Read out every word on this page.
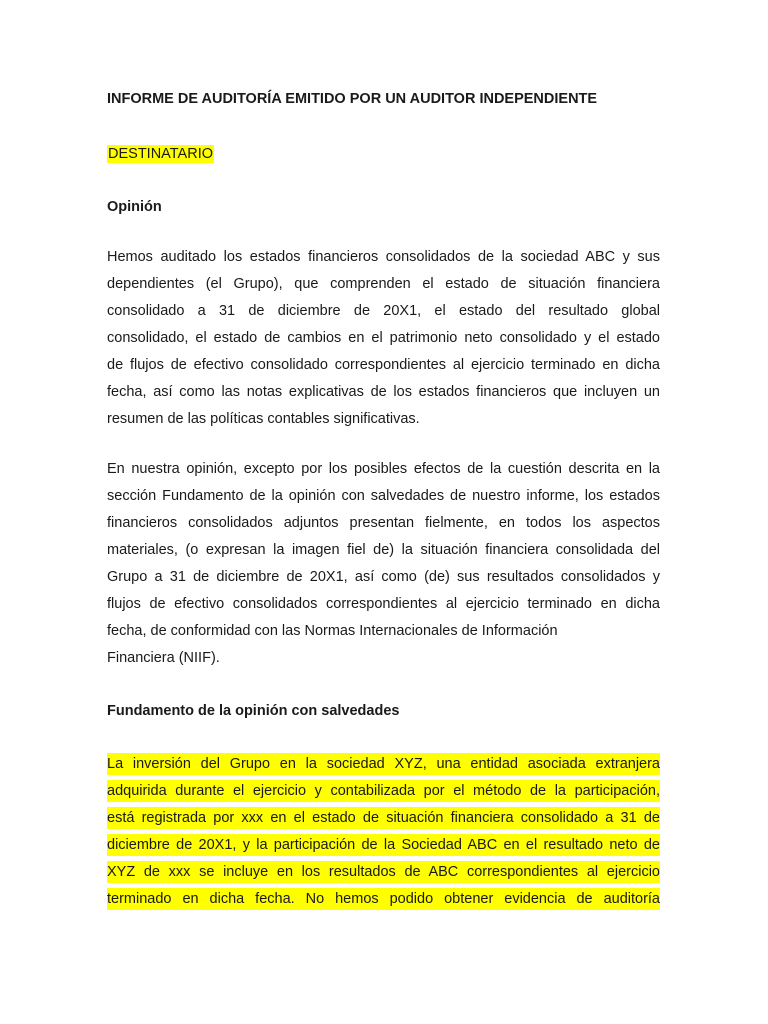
INFORME DE AUDITORÍA EMITIDO POR UN AUDITOR INDEPENDIENTE
DESTINATARIO
Opinión
Hemos auditado los estados financieros consolidados de la sociedad ABC y sus
dependientes (el Grupo), que comprenden el estado de situación financiera
consolidado a 31 de diciembre de 20X1, el estado del resultado global
consolidado, el estado de cambios en el patrimonio neto consolidado y el estado
de flujos de efectivo consolidado correspondientes al ejercicio terminado en dicha
fecha, así como las notas explicativas de los estados financieros que incluyen un
resumen de las políticas contables significativas.
En nuestra opinión, excepto por los posibles efectos de la cuestión descrita en la
sección Fundamento de la opinión con salvedades de nuestro informe, los estados
financieros consolidados adjuntos presentan fielmente, en todos los aspectos
materiales, (o expresan la imagen fiel de) la situación financiera consolidada del
Grupo a 31 de diciembre de 20X1, así como (de) sus resultados consolidados y
flujos de efectivo consolidados correspondientes al ejercicio terminado en dicha
fecha, de conformidad con las Normas Internacionales de Información
Financiera (NIIF).
Fundamento de la opinión con salvedades
La inversión del Grupo en la sociedad XYZ, una entidad asociada extranjera
adquirida durante el ejercicio y contabilizada por el método de la participación,
está registrada por xxx en el estado de situación financiera consolidado a 31 de
diciembre de 20X1, y la participación de la Sociedad ABC en el resultado neto de
XYZ de xxx se incluye en los resultados de ABC correspondientes al ejercicio
terminado en dicha fecha. No hemos podido obtener evidencia de auditoría
